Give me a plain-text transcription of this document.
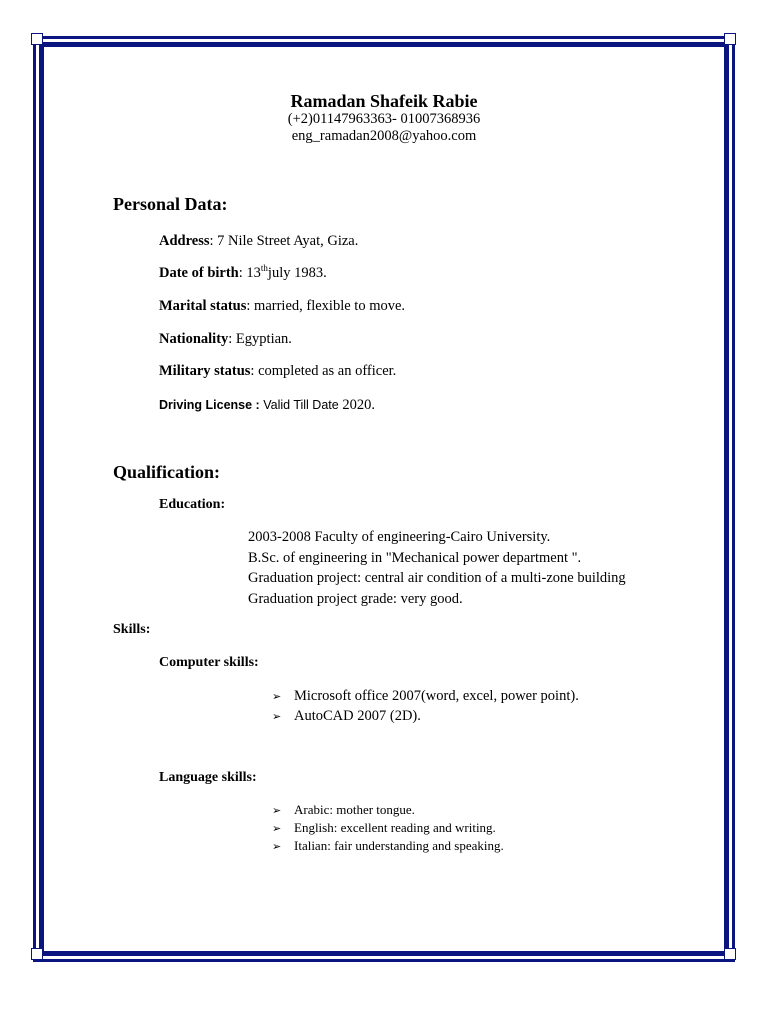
Ramadan Shafeik Rabie
(+2)01147963363- 01007368936
eng_ramadan2008@yahoo.com
Personal Data:
Address: 7 Nile Street Ayat, Giza.
Date of birth: 13thjuly 1983.
Marital status: married, flexible to move.
Nationality: Egyptian.
Military status: completed as an officer.
Driving License : Valid Till Date 2020.
Qualification:
Education:
2003-2008 Faculty of engineering-Cairo University.
B.Sc. of engineering in "Mechanical power department ".
Graduation project: central air condition of a multi-zone building
Graduation project grade: very good.
Skills:
Computer skills:
➢ Microsoft office 2007(word, excel, power point).
➢ AutoCAD 2007 (2D).
Language skills:
➢ Arabic: mother tongue.
➢ English: excellent reading and writing.
➢ Italian: fair understanding and speaking.
